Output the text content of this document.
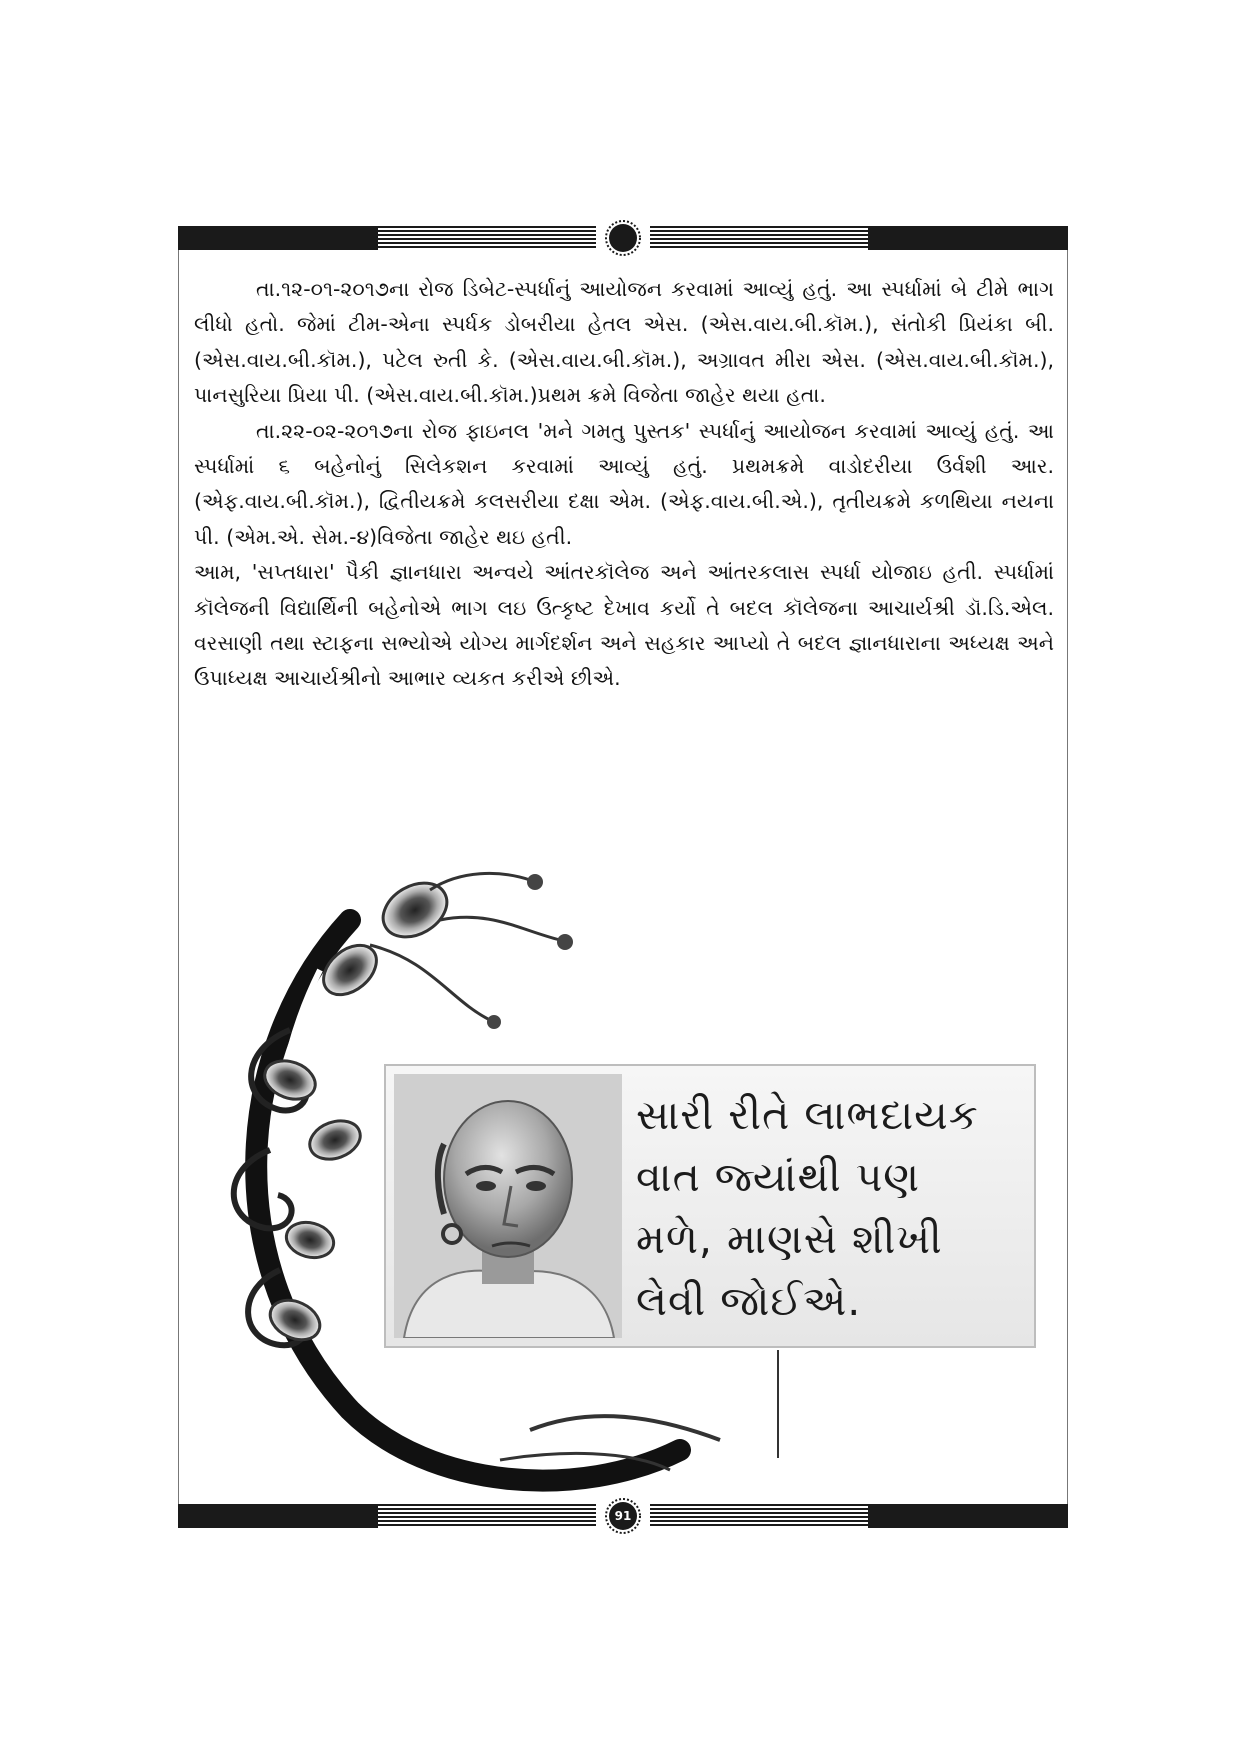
તા.૧૨-૦૧-૨૦૧૭ના રોજ ડિબેટ-સ્પર્ધાનું આયોજન કરવામાં આવ્યું હતું. આ સ્પર્ધામાં બે ટીમે ભાગ લીધો હતો. જેમાં ટીમ-એના સ્પર્ધક ડોબરીયા હેતલ એસ. (એસ.વાય.બી.કૉમ.), સંતોકી પ્રિયંકા બી. (એસ.વાય.બી.કૉમ.), પટેલ રુતી કે. (એસ.વાય.બી.કૉમ.), અગ્રાવત મીરા એસ. (એસ.વાય.બી.કૉમ.), પાનસુરિયા પ્રિયા પી. (એસ.વાય.બી.કૉમ.)પ્રથમ ક્રમે વિજેતા જાહેર થયા હતા.

તા.૨૨-૦૨-૨૦૧૭ના રોજ ફાઇનલ 'મને ગમતુ પુસ્તક' સ્પર્ધાનું આયોજન કરવામાં આવ્યું હતું. આ સ્પર્ધામાં ૬ બહેનોનું સિલેકશન કરવામાં આવ્યું હતું. પ્રથમક્રમે વાડોદરીયા ઉર્વશી આર. (એફ.વાય.બી.કૉમ.), દ્વિતીયક્રમે કલસરીયા દક્ષા એમ. (એફ.વાય.બી.એ.), તૃતીયક્રમે કળથિયા નયના પી. (એમ.એ. સેમ.-૪)વિજેતા જાહેર થઇ હતી.

આમ, 'સપ્તધારા' પૈકી જ્ઞાનધારા અન્વયે આંતરકૉલેજ અને આંતરકલાસ સ્પર્ધા યોજાઇ હતી. સ્પર્ધામાં કૉલેજની વિદ્યાર્થિની બહેનોએ ભાગ લઇ ઉત્કૃષ્ટ દેખાવ કર્યો તે બદલ કૉલેજના આચાર્યશ્રી ડૉ.ડિ.એલ. વરસાણી તથા સ્ટાફના સભ્યોએ યોગ્ય માર્ગદર્શન અને સહકાર આપ્યો તે બદલ જ્ઞાનધારાના અધ્યક્ષ અને ઉપાધ્યક્ષ આચાર્યશ્રીનો આભાર વ્યકત કરીએ છીએ.

સારી રીતે લાભદાયક
વાત જ્યાંથી પણ
મળે, માણસે શીખી
લેવી જોઈએ.
91
